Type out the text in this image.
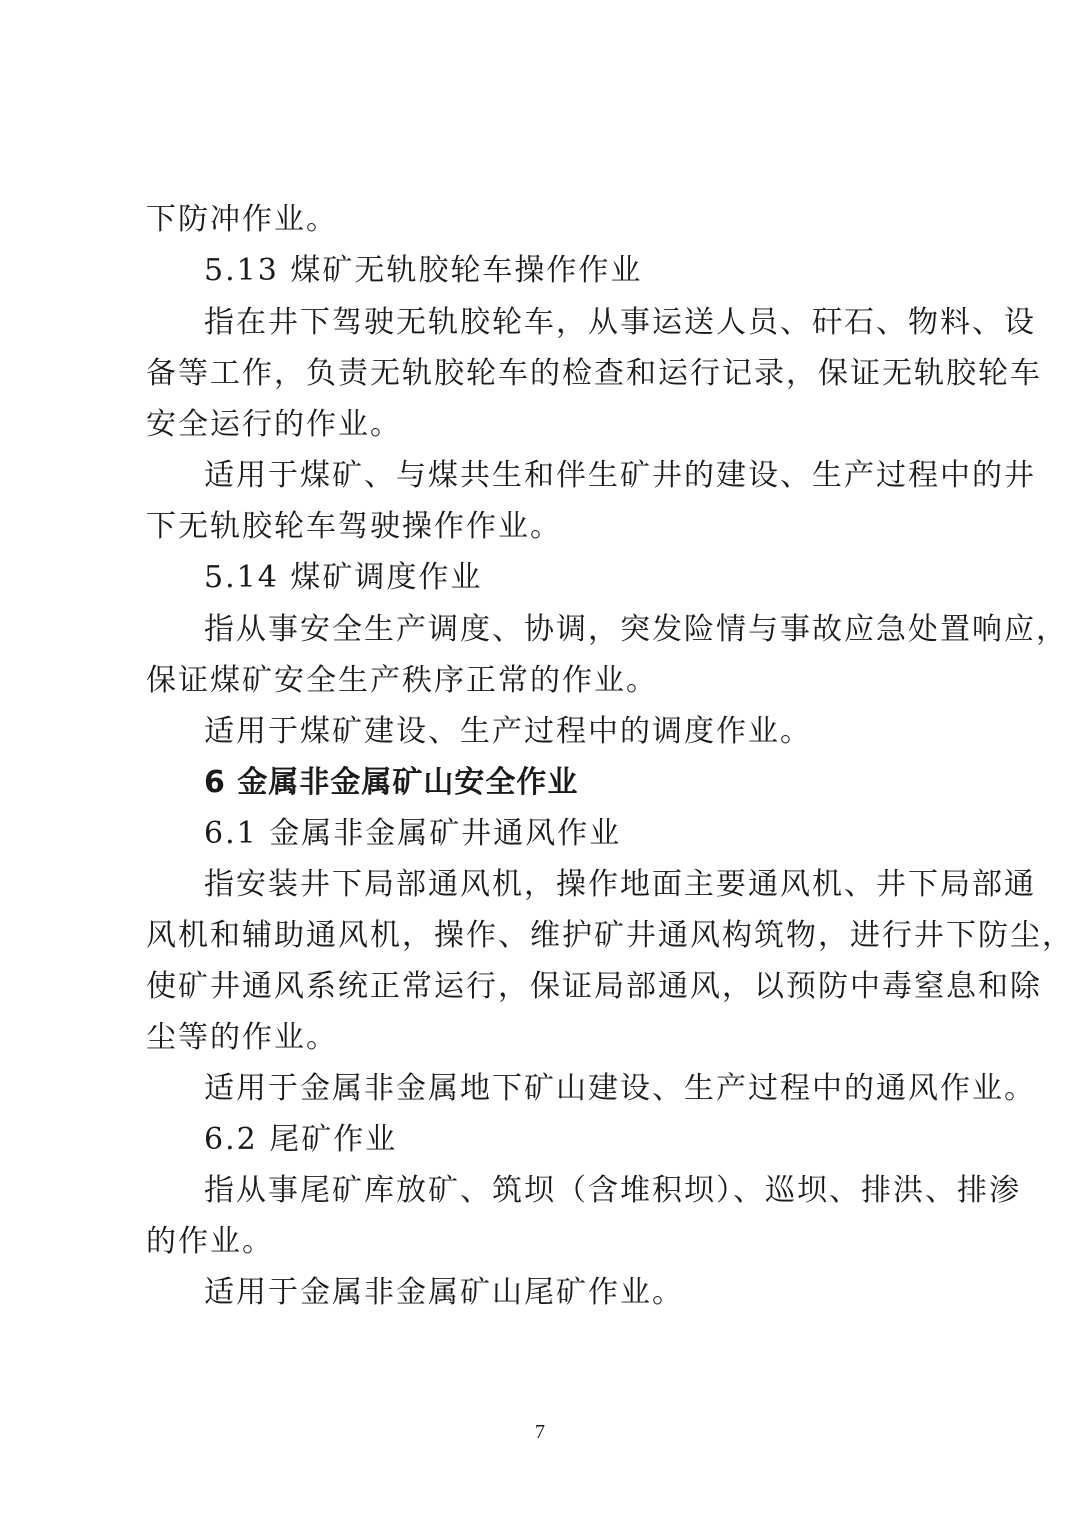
下防冲作业。
5.13 煤矿无轨胶轮车操作作业
指在井下驾驶无轨胶轮车，从事运送人员、矸石、物料、设
备等工作，负责无轨胶轮车的检查和运行记录，保证无轨胶轮车
安全运行的作业。
适用于煤矿、与煤共生和伴生矿井的建设、生产过程中的井
下无轨胶轮车驾驶操作作业。
5.14 煤矿调度作业
指从事安全生产调度、协调，突发险情与事故应急处置响应，
保证煤矿安全生产秩序正常的作业。
适用于煤矿建设、生产过程中的调度作业。
6 金属非金属矿山安全作业
6.1 金属非金属矿井通风作业
指安装井下局部通风机，操作地面主要通风机、井下局部通
风机和辅助通风机，操作、维护矿井通风构筑物，进行井下防尘，
使矿井通风系统正常运行，保证局部通风，以预防中毒窒息和除
尘等的作业。
适用于金属非金属地下矿山建设、生产过程中的通风作业。
6.2 尾矿作业
指从事尾矿库放矿、筑坝（含堆积坝）、巡坝、排洪、排渗
的作业。
适用于金属非金属矿山尾矿作业。
7
